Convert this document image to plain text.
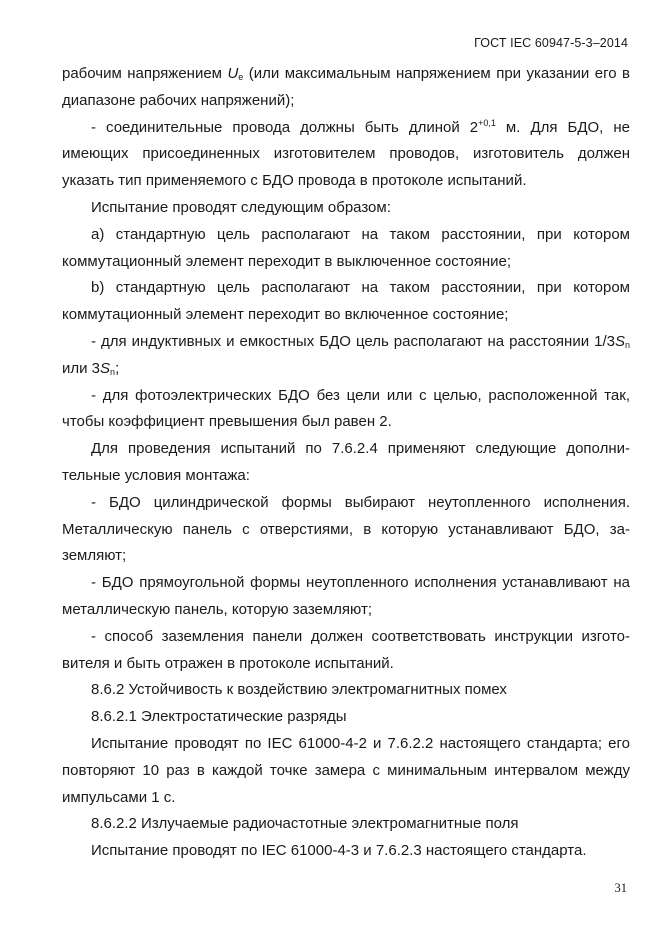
ГОСТ IEC 60947-5-3–2014

рабочим напряжением $U_e$ (или максимальным напряжением при указании его в диапазоне рабочих напряжений);

- соединительные провода должны быть длиной $2^{+0,1}$ м. Для БДО, не имеющих присоединенных изготовителем проводов, изготовитель должен указать тип применяемого с БДО провода в протоколе испытаний.

Испытание проводят следующим образом:

a) стандартную цель располагают на таком расстоянии, при котором коммутационный элемент переходит в выключенное состояние;

b) стандартную цель располагают на таком расстоянии, при котором коммутационный элемент переходит во включенное состояние;

- для индуктивных и емкостных БДО цель располагают на расстоянии $1/3S_n$ или $3S_n$;

- для фотоэлектрических БДО без цели или с целью, расположенной так, чтобы коэффициент превышения был равен 2.

Для проведения испытаний по 7.6.2.4 применяют следующие дополнительные условия монтажа:

- БДО цилиндрической формы выбирают неутопленного исполнения. Металлическую панель с отверстиями, в которую устанавливают БДО, заземляют;

- БДО прямоугольной формы неутопленного исполнения устанавливают на металлическую панель, которую заземляют;

- способ заземления панели должен соответствовать инструкции изготовителя и быть отражен в протоколе испытаний.

8.6.2 Устойчивость к воздействию электромагнитных помех

8.6.2.1 Электростатические разряды

Испытание проводят по IEC 61000-4-2 и 7.6.2.2 настоящего стандарта; его повторяют 10 раз в каждой точке замера с минимальным интервалом между импульсами 1 с.

8.6.2.2 Излучаемые радиочастотные электромагнитные поля

Испытание проводят по IEC 61000-4-3 и 7.6.2.3 настоящего стандарта.

31
